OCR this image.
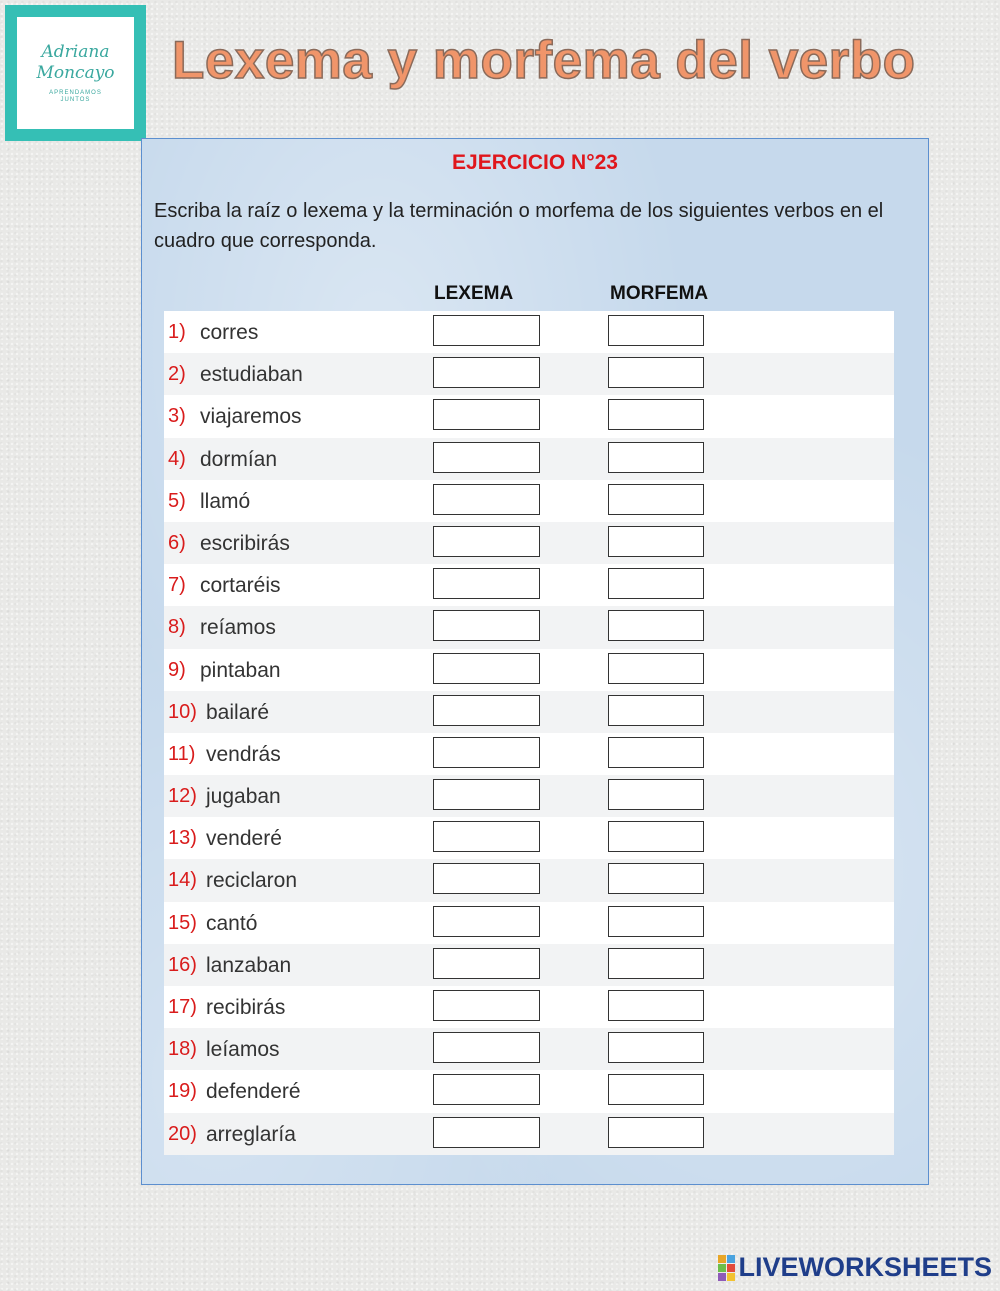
Adriana
Moncayo
APRENDAMOS JUNTOS
Lexema y morfema del verbo
EJERCICIO N°23
Escriba la raíz o lexema y la terminación o morfema de los siguientes verbos en el cuadro que corresponda.
LEXEMA	MORFEMA
1) corres
2) estudiaban
3) viajaremos
4) dormían
5) llamó
6) escribirás
7) cortaréis
8) reíamos
9) pintaban
10) bailaré
11) vendrás
12) jugaban
13) venderé
14) reciclaron
15) cantó
16) lanzaban
17) recibirás
18) leíamos
19) defenderé
20) arreglaría
LIVEWORKSHEETS
